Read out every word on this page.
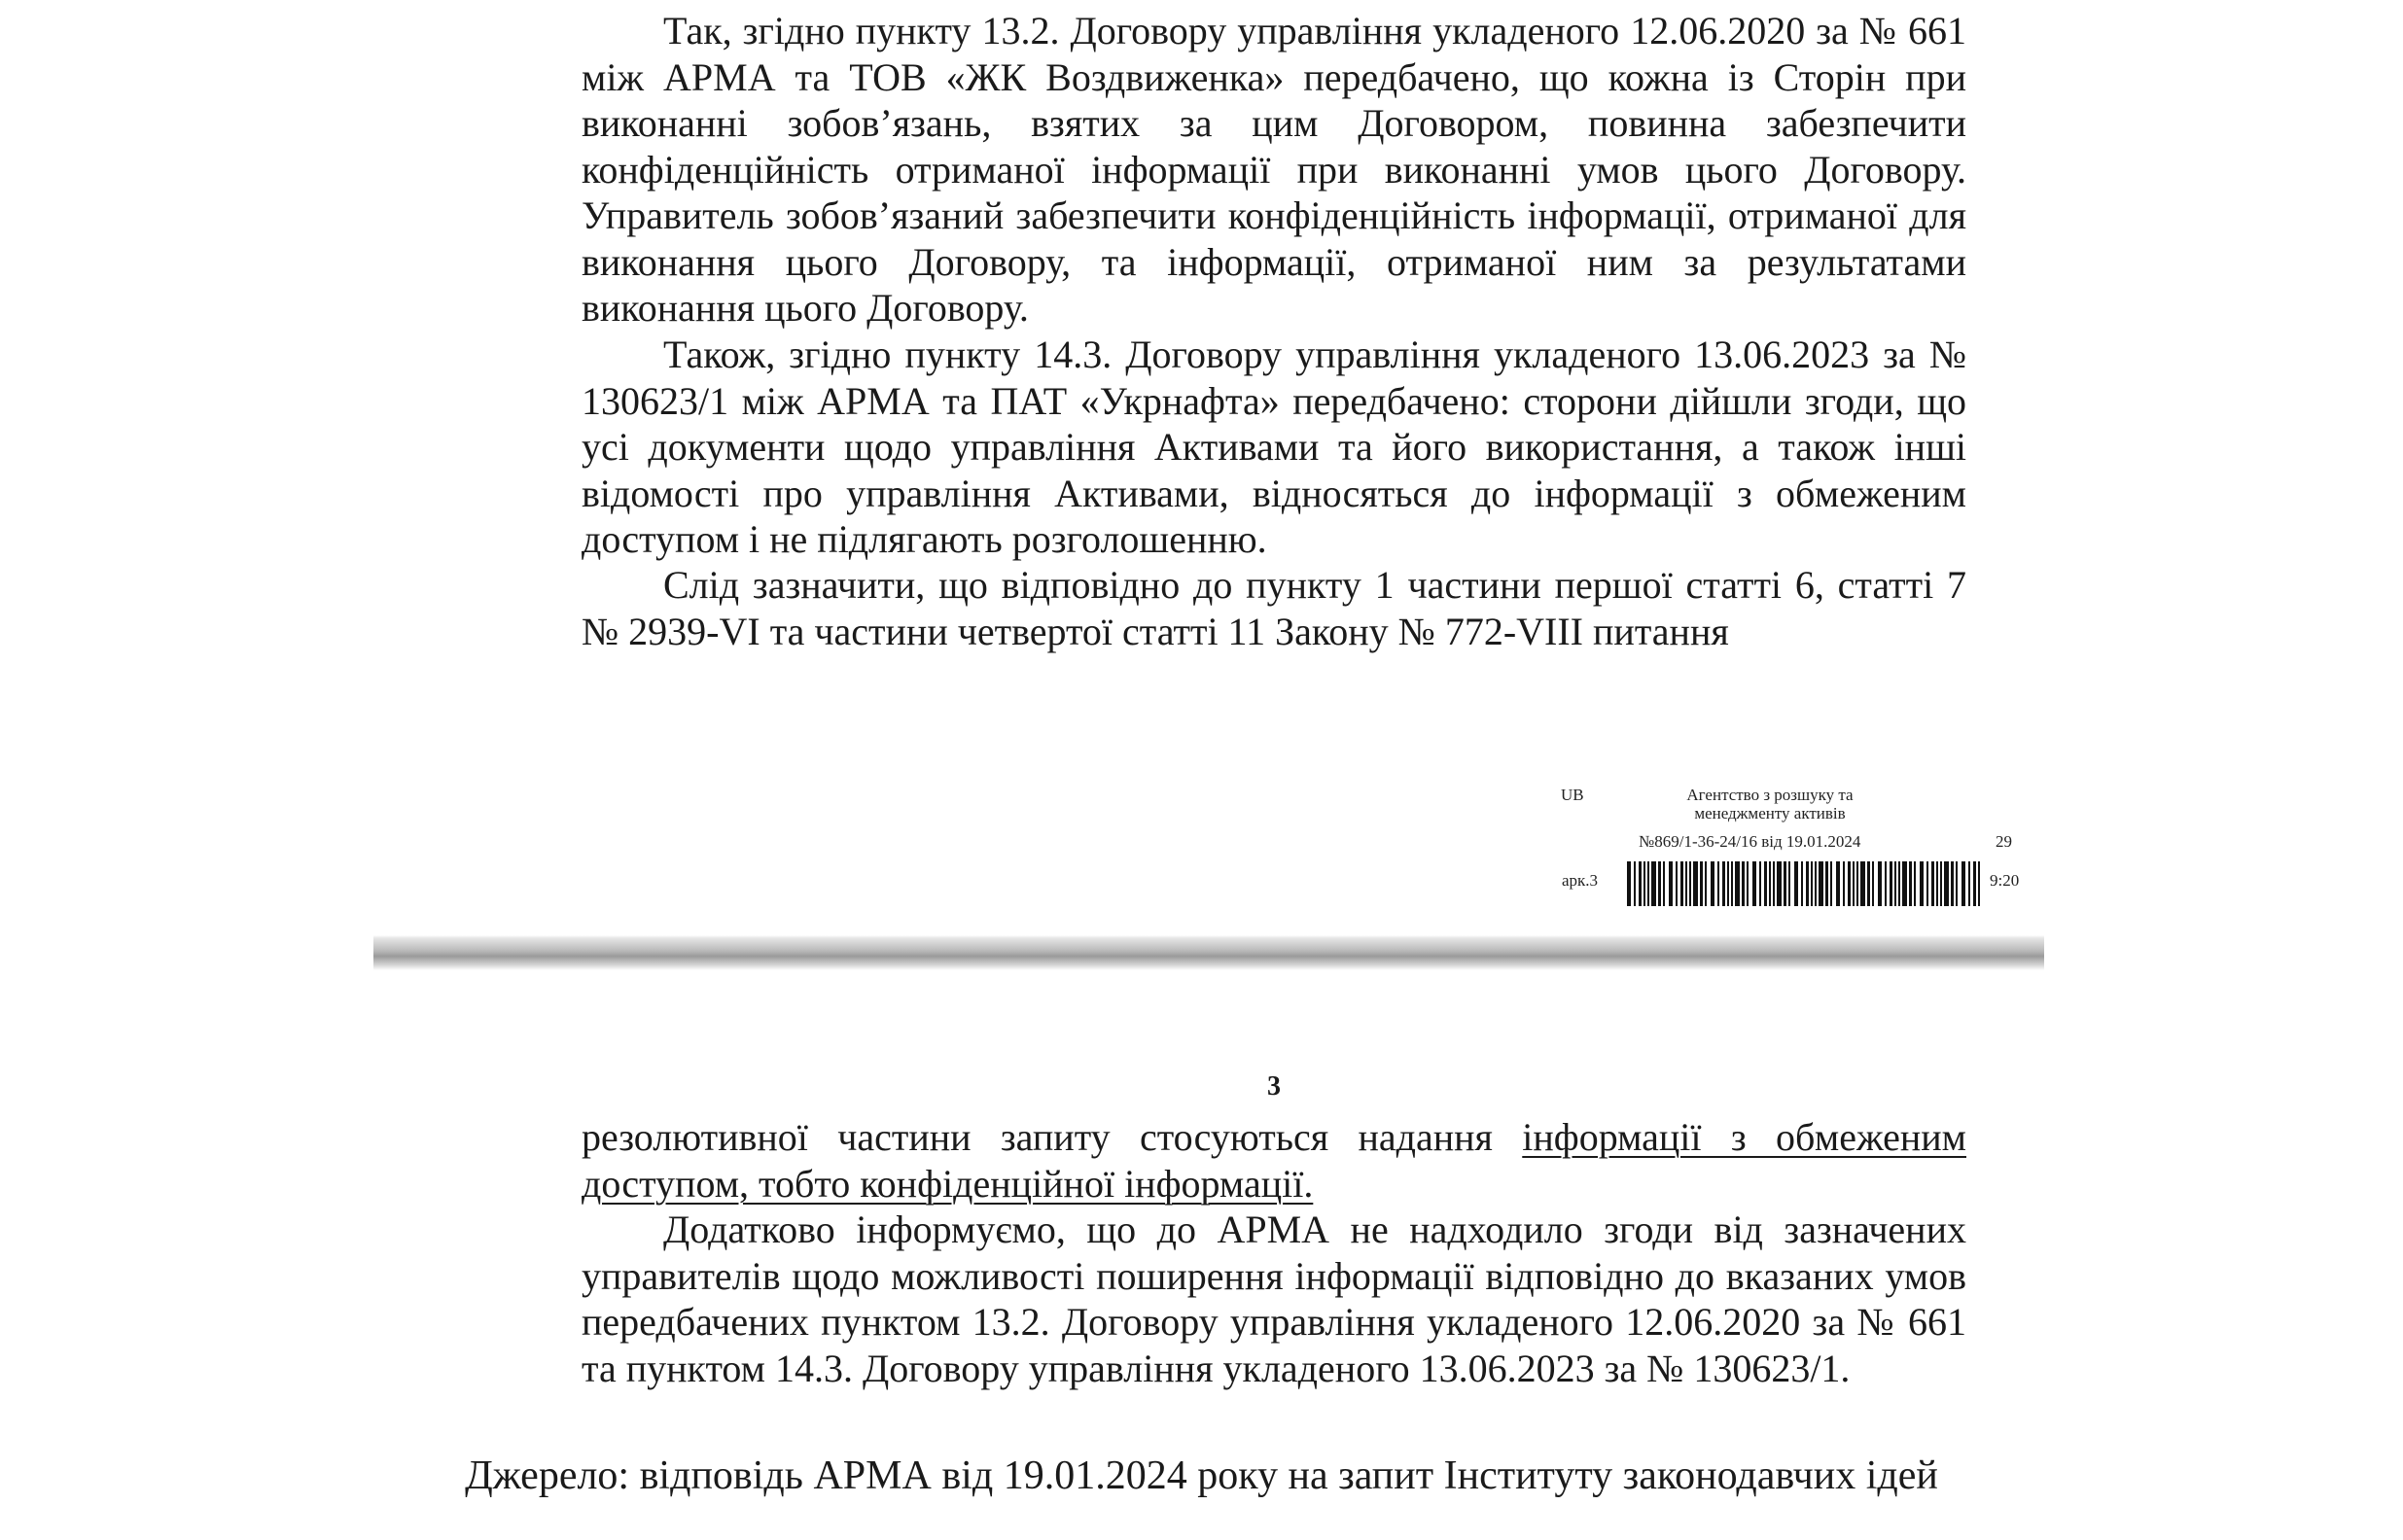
Так, згідно пункту 13.2. Договору управління укладеного 12.06.2020 за № 661 між АРМА та ТОВ «ЖК Воздвиженка» передбачено, що кожна із Сторін при виконанні зобов’язань, взятих за цим Договором, повинна забезпечити конфіденційність отриманої інформації при виконанні умов цього Договору. Управитель зобов’язаний забезпечити конфіденційність інформації, отриманої для виконання цього Договору, та інформації, отриманої ним за результатами виконання цього Договору.

Також, згідно пункту 14.3. Договору управління укладеного 13.06.2023 за № 130623/1 між АРМА та ПАТ «Укрнафта» передбачено: сторони дійшли згоди, що усі документи щодо управління Активами та його використання, а також інші відомості про управління Активами, відносяться до інформації з обмеженим доступом і не підлягають розголошенню.

Слід зазначити, що відповідно до пункту 1 частини першої статті 6, статті 7 № 2939-VI та частини четвертої статті 11 Закону № 772-VIII питання

UB	Агентство з розшуку та менеджменту активів
№869/1-36-24/16 від 19.01.2024	29
арк.3	9:20
3

резолютивної частини запиту стосуються надання інформації з обмеженим доступом, тобто конфіденційної інформації.

Додатково інформуємо, що до АРМА не надходило згоди від зазначених управителів щодо можливості поширення інформації відповідно до вказаних умов передбачених пунктом 13.2. Договору управління укладеного 12.06.2020 за № 661 та пунктом 14.3. Договору управління укладеного 13.06.2023 за № 130623/1.

Джерело: відповідь АРМА від 19.01.2024 року на запит Інституту законодавчих ідей
